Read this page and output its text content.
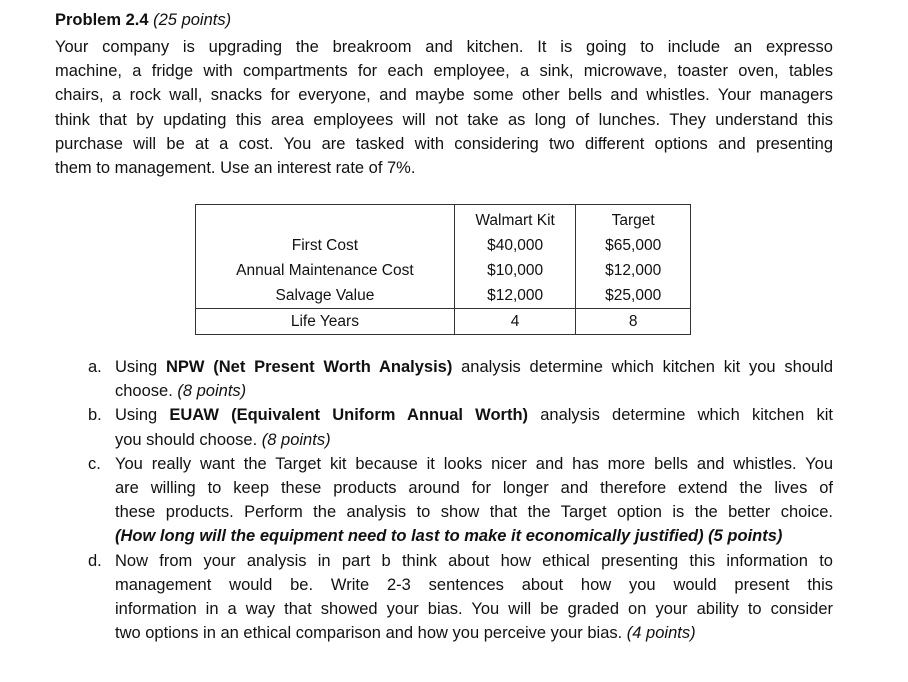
Problem 2.4 (25 points)
Your company is upgrading the breakroom and kitchen. It is going to include an expresso
machine, a fridge with compartments for each employee, a sink, microwave, toaster oven, tables
chairs, a rock wall, snacks for everyone, and maybe some other bells and whistles. Your managers
think that by updating this area employees will not take as long of lunches. They understand this
purchase will be at a cost. You are tasked with considering two different options and presenting
them to management. Use an interest rate of 7%.
	Walmart Kit	Target
First Cost	$40,000	$65,000
Annual Maintenance Cost	$10,000	$12,000
Salvage Value	$12,000	$25,000
Life Years	4	8
a. Using NPW (Net Present Worth Analysis) analysis determine which kitchen kit you should
choose. (8 points)
b. Using EUAW (Equivalent Uniform Annual Worth) analysis determine which kitchen kit
you should choose. (8 points)
c. You really want the Target kit because it looks nicer and has more bells and whistles. You
are willing to keep these products around for longer and therefore extend the lives of
these products. Perform the analysis to show that the Target option is the better choice.
(How long will the equipment need to last to make it economically justified) (5 points)
d. Now from your analysis in part b think about how ethical presenting this information to
management would be. Write 2-3 sentences about how you would present this
information in a way that showed your bias. You will be graded on your ability to consider
two options in an ethical comparison and how you perceive your bias. (4 points)
